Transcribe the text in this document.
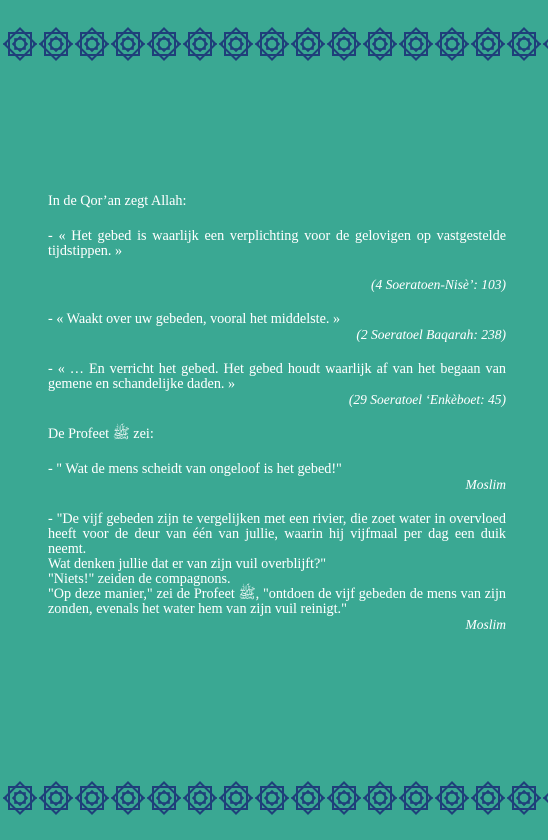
In de Qor’an zegt Allah:

- « Het gebed is waarlijk een verplichting voor de gelovigen op vastgestelde tijdstippen. »

(4 Soeratoen-Nisè’: 103)

- « Waakt over uw gebeden, vooral het middelste. »

(2 Soeratoel Baqarah: 238)

- « … En verricht het gebed. Het gebed houdt waarlijk af van het begaan van gemene en schandelijke daden. »

(29 Soeratoel ‘Enkèboet: 45)

De Profeet ﷺ zei:

- " Wat de mens scheidt van ongeloof is het gebed!"

Moslim

- "De vijf gebeden zijn te vergelijken met een rivier, die zoet water in overvloed heeft voor de deur van één van jullie, waarin hij vijfmaal per dag een duik neemt.

Wat denken jullie dat er van zijn vuil overblijft?"

"Niets!" zeiden de compagnons.

"Op deze manier," zei de Profeet ﷺ, "ontdoen de vijf gebeden de mens van zijn zonden, evenals het water hem van zijn vuil reinigt."

Moslim
